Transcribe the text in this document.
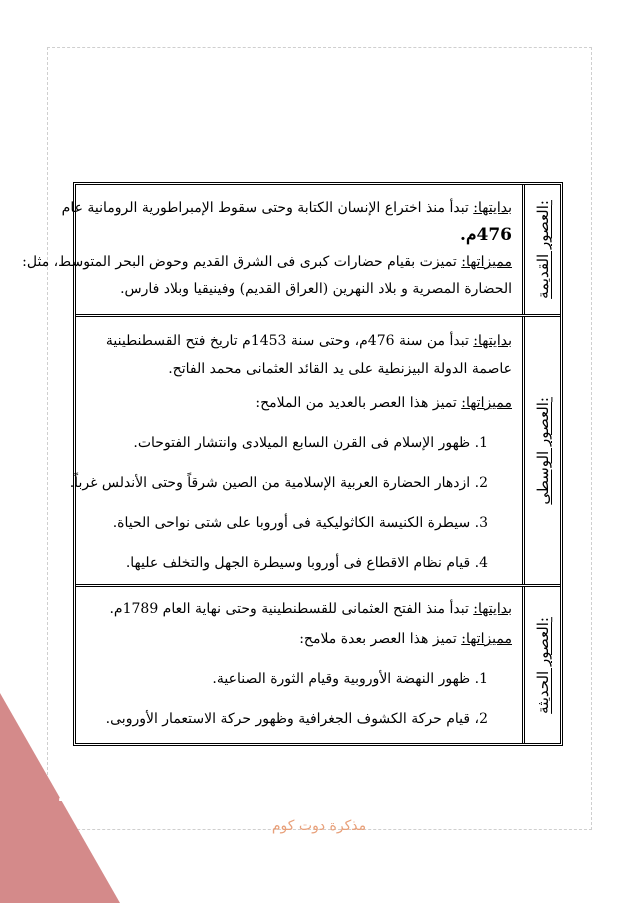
العصور القديمة:

بدايتها: تبدأ منذ اختراع الإنسان الكتابة وحتى سقوط الإمبراطورية الرومانية عام

476م.

مميزاتها: تميزت بقيام حضارات كبرى فى الشرق القديم وحوض البحر المتوسط، مثل:

الحضارة المصرية و بلاد النهرين (العراق القديم) وفينيقيا وبلاد فارس.

العصور الوسطى:

بدايتها: تبدأ من سنة 476م، وحتى سنة 1453م تاريخ فتح القسطنطينية

عاصمة الدولة البيزنطية على يد القائد العثمانى محمد الفاتح.

مميزاتها: تميز هذا العصر بالعديد من الملامح:

1. ظهور الإسلام فى القرن السابع الميلادى وانتشار الفتوحات.

2. ازدهار الحضارة العربية الإسلامية من الصين شرقاً وحتى الأندلس غرباً.

3. سيطرة الكنيسة الكاثوليكية فى أوروبا على شتى نواحى الحياة.

4. قيام نظام الاقطاع فى أوروبا وسيطرة الجهل والتخلف عليها.

العصور الحديثة:

بدايتها: تبدأ منذ الفتح العثمانى للقسطنطينية وحتى نهاية العام 1789م.

مميزاتها: تميز هذا العصر بعدة ملامح:

1. ظهور النهضة الأوروبية وقيام الثورة الصناعية.

2، قيام حركة الكشوف الجغرافية وظهور حركة الاستعمار الأوروبى.

4
مذكرة دوت كوم
